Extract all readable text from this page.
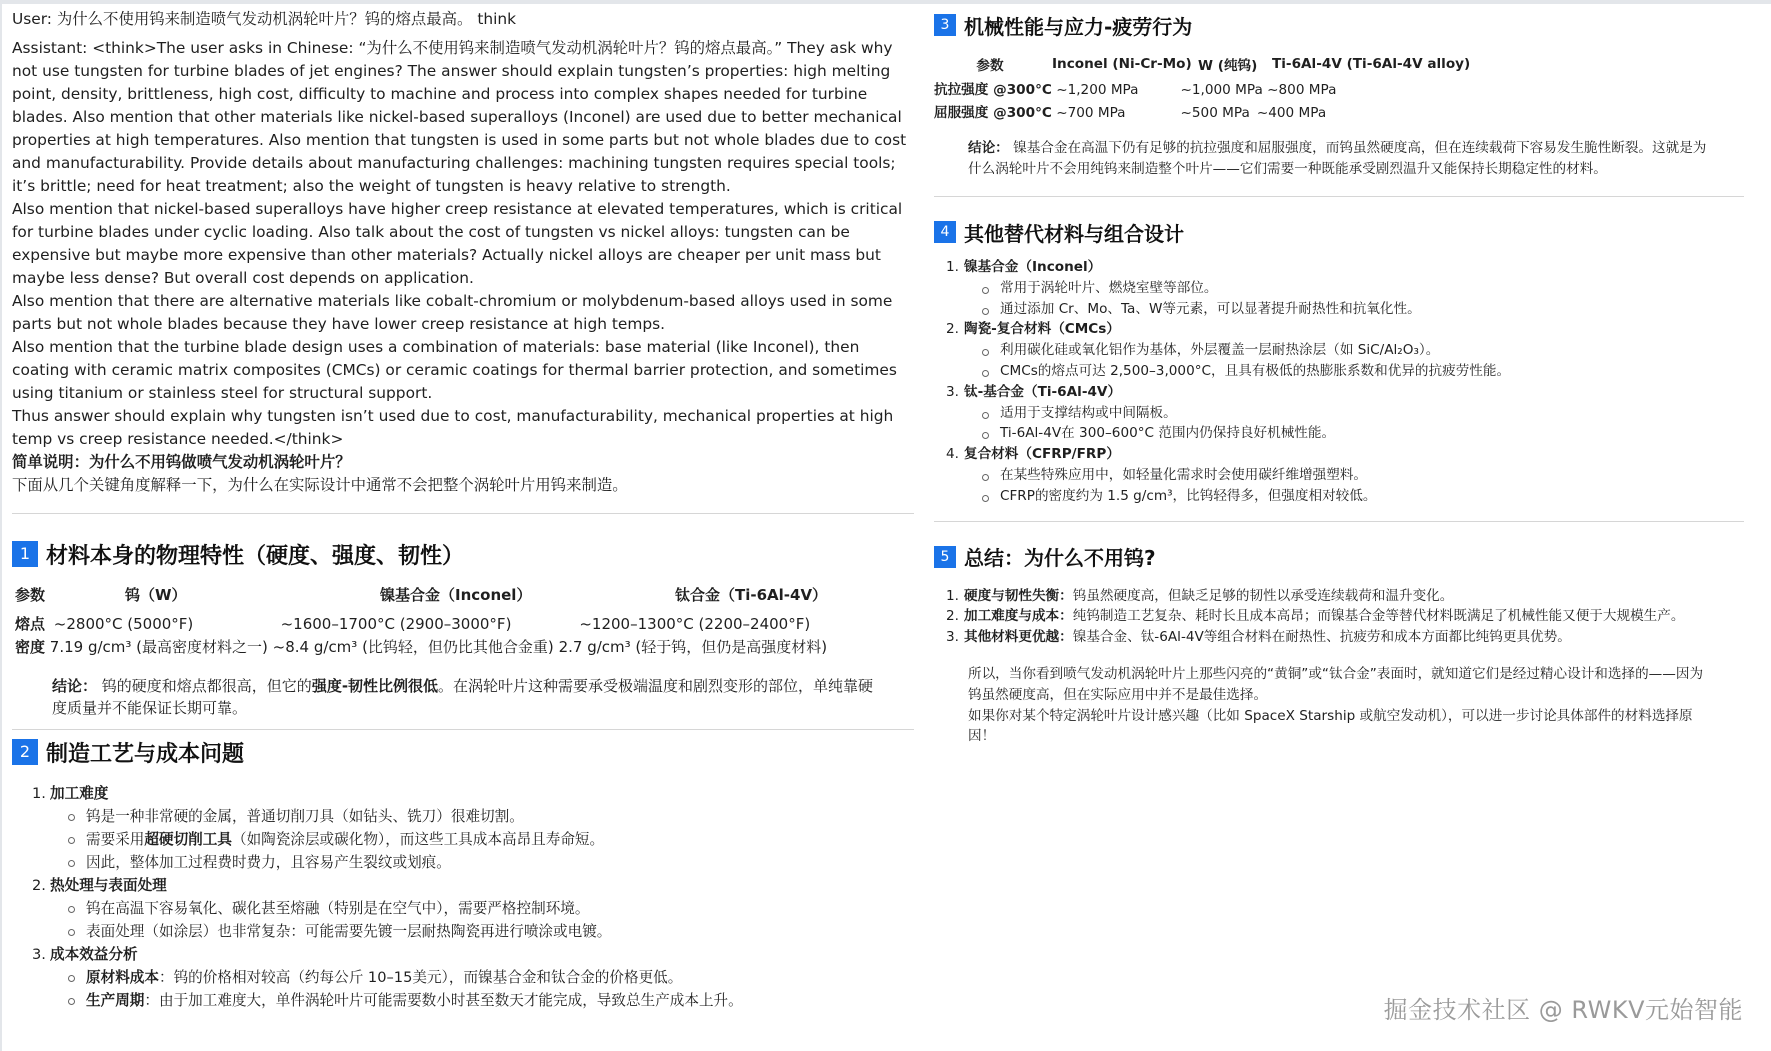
User: 为什么不使用钨来制造喷气发动机涡轮叶片？钨的熔点最高。 think

Assistant: <think>The user asks in Chinese: “为什么不使用钨来制造喷气发动机涡轮叶片？钨的熔点最高。” They ask why not use tungsten for turbine blades of jet engines? The answer should explain tungsten’s properties: high melting point, density, brittleness, high cost, difficulty to machine and process into complex shapes needed for turbine blades. Also mention that other materials like nickel-based superalloys (Inconel) are used due to better mechanical properties at high temperatures. Also mention that tungsten is used in some parts but not whole blades due to cost and manufacturability. Provide details about manufacturing challenges: machining tungsten requires special tools; it’s brittle; need for heat treatment; also the weight of tungsten is heavy relative to strength.

Also mention that nickel-based superalloys have higher creep resistance at elevated temperatures, which is critical for turbine blades under cyclic loading. Also talk about the cost of tungsten vs nickel alloys: tungsten can be expensive but maybe more expensive than other materials? Actually nickel alloys are cheaper per unit mass but maybe less dense? But overall cost depends on application.

Also mention that there are alternative materials like cobalt-chromium or molybdenum-based alloys used in some parts but not whole blades because they have lower creep resistance at high temps.

Also mention that the turbine blade design uses a combination of materials: base material (like Inconel), then coating with ceramic matrix composites (CMCs) or ceramic coatings for thermal barrier protection, and sometimes using titanium or stainless steel for structural support.

Thus answer should explain why tungsten isn’t used due to cost, manufacturability, mechanical properties at high temp vs creep resistance needed.</think>

简单说明：为什么不用钨做喷气发动机涡轮叶片？

下面从几个关键角度解释一下，为什么在实际设计中通常不会把整个涡轮叶片用钨来制造。

1 材料本身的物理特性（硬度、强度、韧性）
参数	钨（W）	镍基合金（Inconel）	钛合金（Ti-6Al-4V）
熔点 ~2800°C (5000°F)	~1600–1700°C (2900–3000°F)	~1200–1300°C (2200–2400°F)
密度 7.19 g/cm³ (最高密度材料之一) ~8.4 g/cm³ (比钨轻，但仍比其他合金重) 2.7 g/cm³ (轻于钨，但仍是高强度材料)

结论： 钨的硬度和熔点都很高，但它的强度-韧性比例很低。在涡轮叶片这种需要承受极端温度和剧烈变形的部位，单纯靠硬度质量并不能保证长期可靠。

2 制造工艺与成本问题
1. 加工难度
钨是一种非常硬的金属，普通切削刀具（如钻头、铣刀）很难切割。
需要采用超硬切削工具（如陶瓷涂层或碳化物），而这些工具成本高昂且寿命短。
因此，整体加工过程费时费力，且容易产生裂纹或划痕。
2. 热处理与表面处理
钨在高温下容易氧化、碳化甚至熔融（特别是在空气中），需要严格控制环境。
表面处理（如涂层）也非常复杂：可能需要先镀一层耐热陶瓷再进行喷涂或电镀。
3. 成本效益分析
原材料成本：钨的价格相对较高（约每公斤 10–15美元），而镍基合金和钛合金的价格更低。
生产周期：由于加工难度大，单件涡轮叶片可能需要数小时甚至数天才能完成，导致总生产成本上升。
3 机械性能与应力-疲劳行为
参数	Inconel (Ni-Cr-Mo)	W (纯钨)	Ti-6Al-4V (Ti-6Al-4V alloy)
抗拉强度 @300°C ~1,200 MPa	~1,000 MPa ~800 MPa
屈服强度 @300°C ~700 MPa	~500 MPa ~400 MPa

结论： 镍基合金在高温下仍有足够的抗拉强度和屈服强度，而钨虽然硬度高，但在连续载荷下容易发生脆性断裂。这就是为什么涡轮叶片不会用纯钨来制造整个叶片——它们需要一种既能承受剧烈温升又能保持长期稳定性的材料。

4 其他替代材料与组合设计
1. 镍基合金（Inconel）
常用于涡轮叶片、燃烧室壁等部位。
通过添加 Cr、Mo、Ta、W等元素，可以显著提升耐热性和抗氧化性。
2. 陶瓷-复合材料（CMCs）
利用碳化硅或氧化铝作为基体，外层覆盖一层耐热涂层（如 SiC/Al₂O₃）。
CMCs的熔点可达 2,500–3,000°C，且具有极低的热膨胀系数和优异的抗疲劳性能。
3. 钛-基合金（Ti-6Al-4V）
适用于支撑结构或中间隔板。
Ti-6Al-4V在 300–600°C 范围内仍保持良好机械性能。
4. 复合材料（CFRP/FRP）
在某些特殊应用中，如轻量化需求时会使用碳纤维增强塑料。
CFRP的密度约为 1.5 g/cm³，比钨轻得多，但强度相对较低。
5 总结：为什么不用钨?
1. 硬度与韧性失衡：钨虽然硬度高，但缺乏足够的韧性以承受连续载荷和温升变化。
2. 加工难度与成本：纯钨制造工艺复杂、耗时长且成本高昂；而镍基合金等替代材料既满足了机械性能又便于大规模生产。
3. 其他材料更优越：镍基合金、钛-6Al-4V等组合材料在耐热性、抗疲劳和成本方面都比纯钨更具优势。

所以，当你看到喷气发动机涡轮叶片上那些闪亮的“黄铜”或“钛合金”表面时，就知道它们是经过精心设计和选择的——因为钨虽然硬度高，但在实际应用中并不是最佳选择。

如果你对某个特定涡轮叶片设计感兴趣（比如 SpaceX Starship 或航空发动机），可以进一步讨论具体部件的材料选择原因！

掘金技术社区 @ RWKV元始智能
